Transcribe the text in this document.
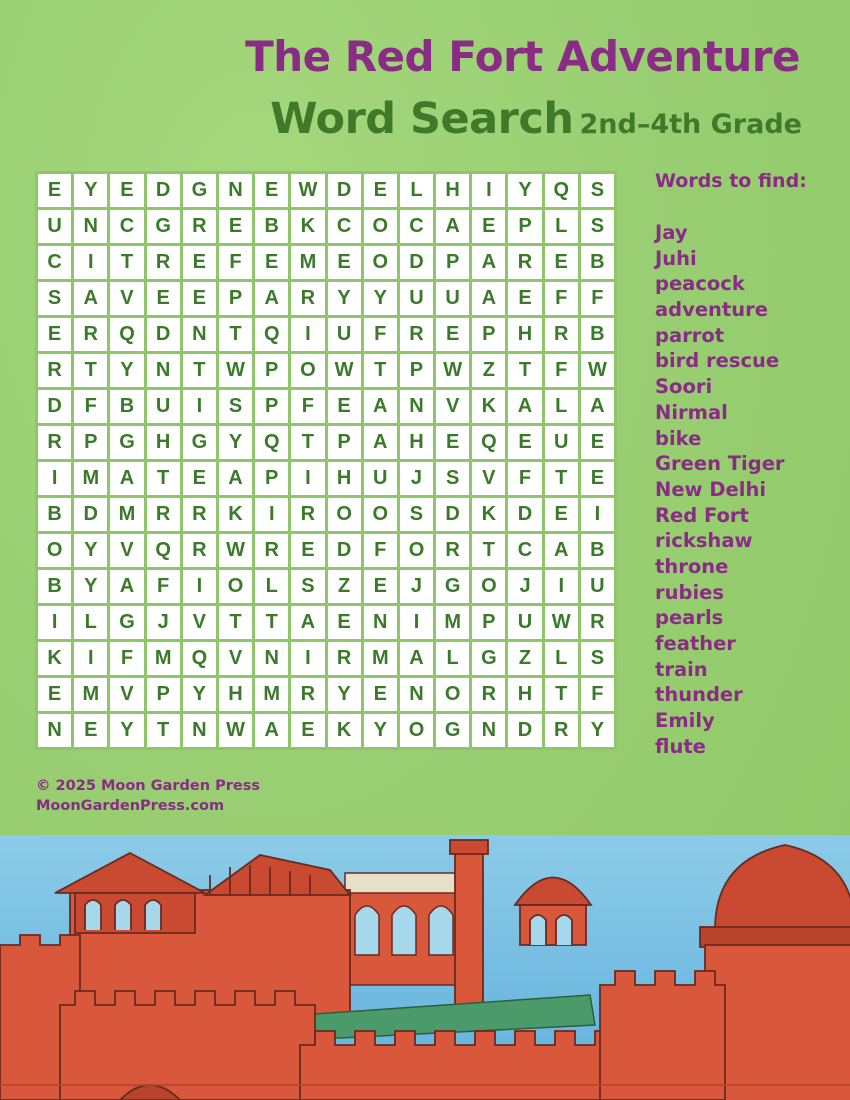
The Red Fort Adventure
Word Search 2nd–4th Grade
E	Y	E	D	G	N	E	W D	E	L	H	I	Y	Q	S
U	N	C	G	R	E	B	K	C	O	C	A	E	P	L	S
C	I	T	R	E	F	E	M	E	O	D	P	A	R	E	B
S	A	V	E	E	P	A	R	Y	Y	U	U	A	E	F	F
E	R	Q	D	N	T	Q	I	U	F	R	E	P	H	R	B
R	T	Y	N	T	W	P	O W	T	P	W	Z	T	F	W
D	F	B	U	I	S	P	F	E	A	N	V	K	A	L	A
R	P	G	H	G	Y	Q	T	P	A	H	E	Q	E	U	E
I	M	A	T	E	A	P	I	H	U	J	S	V	F	T	E
B	D	M	R	R	K	I	R	O	O	S	D	K	D	E	I
O	Y	V	Q	R W R	E	D	F	O	R	T	C	A	B
B	Y	A	F	I	O	L	S	Z	E	J	G	O	J	I	U
I	L	G	J	V	T	T	A	E	N	I	M	P	U W R
K	I	F	M	Q	V	N	I	R	M	A	L	G	Z	L	S
E	M	V	P	Y	H	M	R	Y	E	N	O	R	H	T	F
N	E	Y	T	N W A	E	K	Y	O	G	N	D	R	Y
Words to find:
Jay
Juhi
peacock
adventure
parrot
bird rescue
Soori
Nirmal
bike
Green Tiger
New Delhi
Red Fort
rickshaw
throne
rubies
pearls
feather
train
thunder
Emily
flute
© 2025 Moon Garden Press
MoonGardenPress.com
